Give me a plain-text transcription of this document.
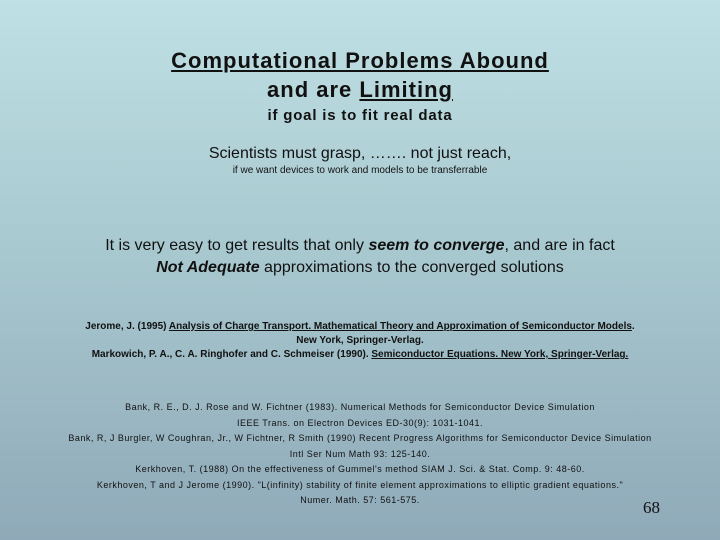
Computational Problems Abound
and are Limiting
if goal is to fit real data
Scientists must grasp, ……. not just reach,
if we want devices to work and models to be transferrable
It is very easy to get results that only seem to converge, and are in fact
Not Adequate approximations to the converged solutions
Jerome, J. (1995) Analysis of Charge Transport. Mathematical Theory and Approximation of Semiconductor Models.
New York, Springer-Verlag.
Markowich, P. A., C. A. Ringhofer and C. Schmeiser (1990). Semiconductor Equations. New York, Springer-Verlag.
Bank, R. E., D. J. Rose and W. Fichtner (1983). Numerical Methods for Semiconductor Device Simulation
IEEE Trans. on Electron Devices ED-30(9): 1031-1041.
Bank, R, J Burgler, W Coughran, Jr., W Fichtner, R Smith (1990) Recent Progress Algorithms for Semiconductor Device Simulation
Intl Ser Num Math 93: 125-140.
Kerkhoven, T. (1988) On the effectiveness of Gummel's method SIAM J. Sci. & Stat. Comp. 9: 48-60.
Kerkhoven, T and J Jerome (1990). "L(infinity) stability of finite element approximations to elliptic gradient equations."
Numer. Math. 57: 561-575.	68
